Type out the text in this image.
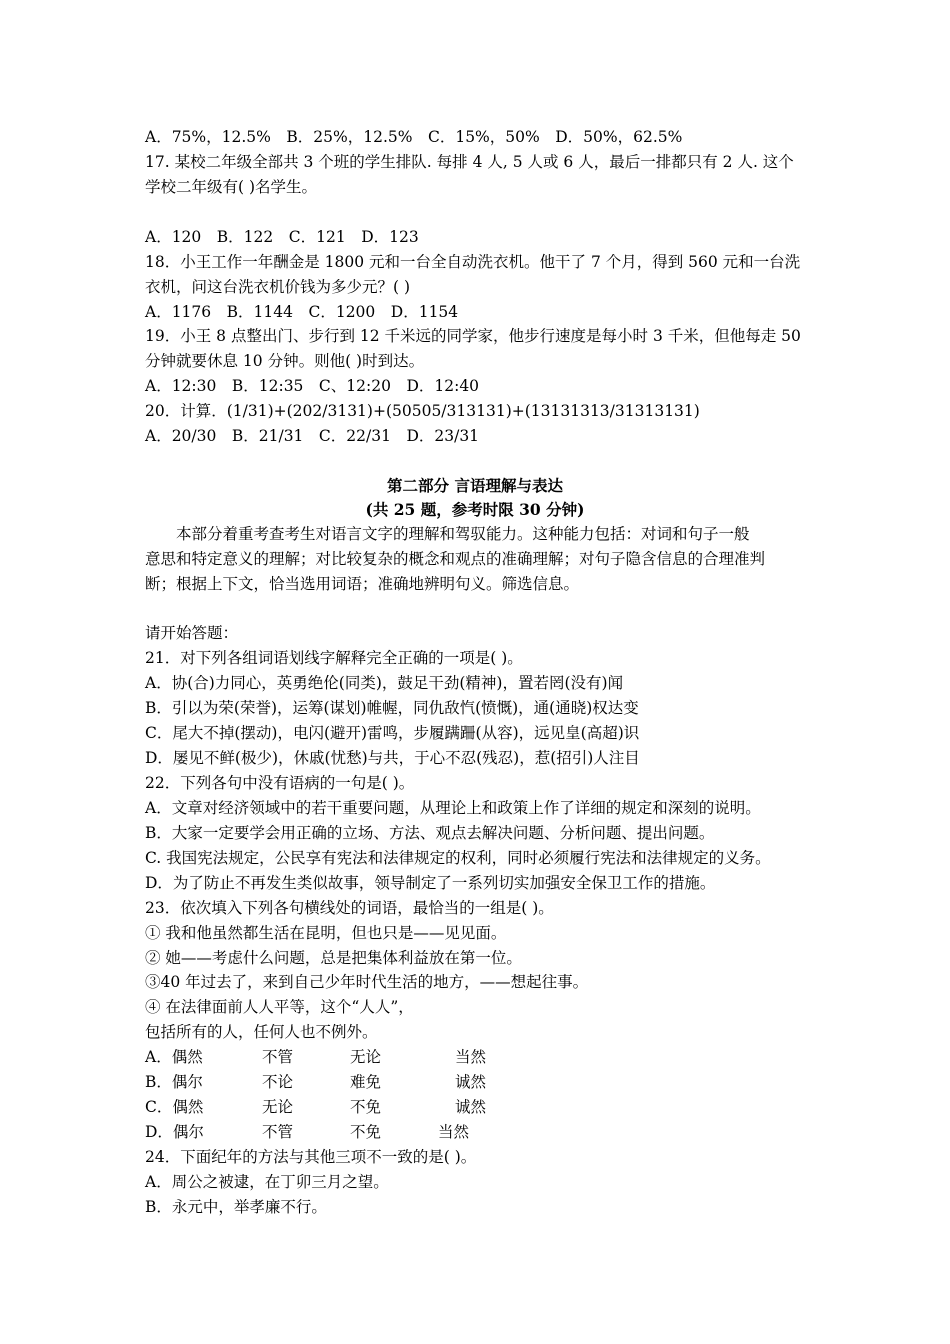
A．75%，12.5%　B．25%，12.5%　C．15%，50%　D．50%，62.5%
17. 某校二年级全部共 3 个班的学生排队. 每排 4 人, 5 人或 6 人，最后一排都只有 2 人. 这个
学校二年级有( )名学生。
A．120　B．122　C．121　D．123
18．小王工作一年酬金是 1800 元和一台全自动洗衣机。他干了 7 个月，得到 560 元和一台洗
衣机，问这台洗衣机价钱为多少元？( )
A．1176　B．1144　C．1200　D．1154
19．小王 8 点整出门、步行到 12 千米远的同学家，他步行速度是每小时 3 千米，但他每走 50
分钟就要休息 10 分钟。则他( )时到达。
A．12:30　B．12:35　C、12:20　D．12:40
20．计算．(1/31)+(202/3131)+(50505/313131)+(13131313/31313131)
A．20/30　B．21/31　C．22/31　D．23/31
第二部分 言语理解与表达
(共 25 题，参考时限 30 分钟)
　　本部分着重考查考生对语言文字的理解和驾驭能力。这种能力包括：对词和句子一般
意思和特定意义的理解；对比较复杂的概念和观点的准确理解；对句子隐含信息的合理准判
断；根据上下文，恰当选用词语；准确地辨明句义。筛选信息。
请开始答题：
21．对下列各组词语划线字解释完全正确的一项是( )。
A．协(合)力同心，英勇绝伦(同类)，鼓足干劲(精神)，置若罔(没有)闻
B．引以为荣(荣誉)，运筹(谋划)帷幄，同仇敌忾(愤慨)，通(通晓)权达变
C．尾大不掉(摆动)，电闪(避开)雷鸣，步履蹒跚(从容)，远见皇(高超)识
D．屡见不鲜(极少)，休戚(忧愁)与共，于心不忍(残忍)，惹(招引)人注目
22．下列各句中没有语病的一句是( )。
A．文章对经济领域中的若干重要问题，从理论上和政策上作了详细的规定和深刻的说明。
B．大家一定要学会用正确的立场、方法、观点去解决问题、分析问题、提出问题。
C. 我国宪法规定，公民享有宪法和法律规定的权利，同时必须履行宪法和法律规定的义务。
D．为了防止不再发生类似故事，领导制定了一系列切实加强安全保卫工作的措施。
23．依次填入下列各句横线处的词语，最恰当的一组是( )。
① 我和他虽然都生活在昆明，但也只是——见见面。
② 她——考虑什么问题，总是把集体利益放在第一位。
③40 年过去了，来到自己少年时代生活的地方，——想起往事。
④ 在法律面前人人平等，这个“人人”，
包括所有的人，任何人也不例外。
A．偶然	不管	无论	当然
B．偶尔	不论	难免	诚然
C．偶然	无论	不免	诚然
D．偶尔	不管	不免	当然
24．下面纪年的方法与其他三项不一致的是( )。
A．周公之被逮，在丁卯三月之望。
B．永元中，举孝廉不行。
